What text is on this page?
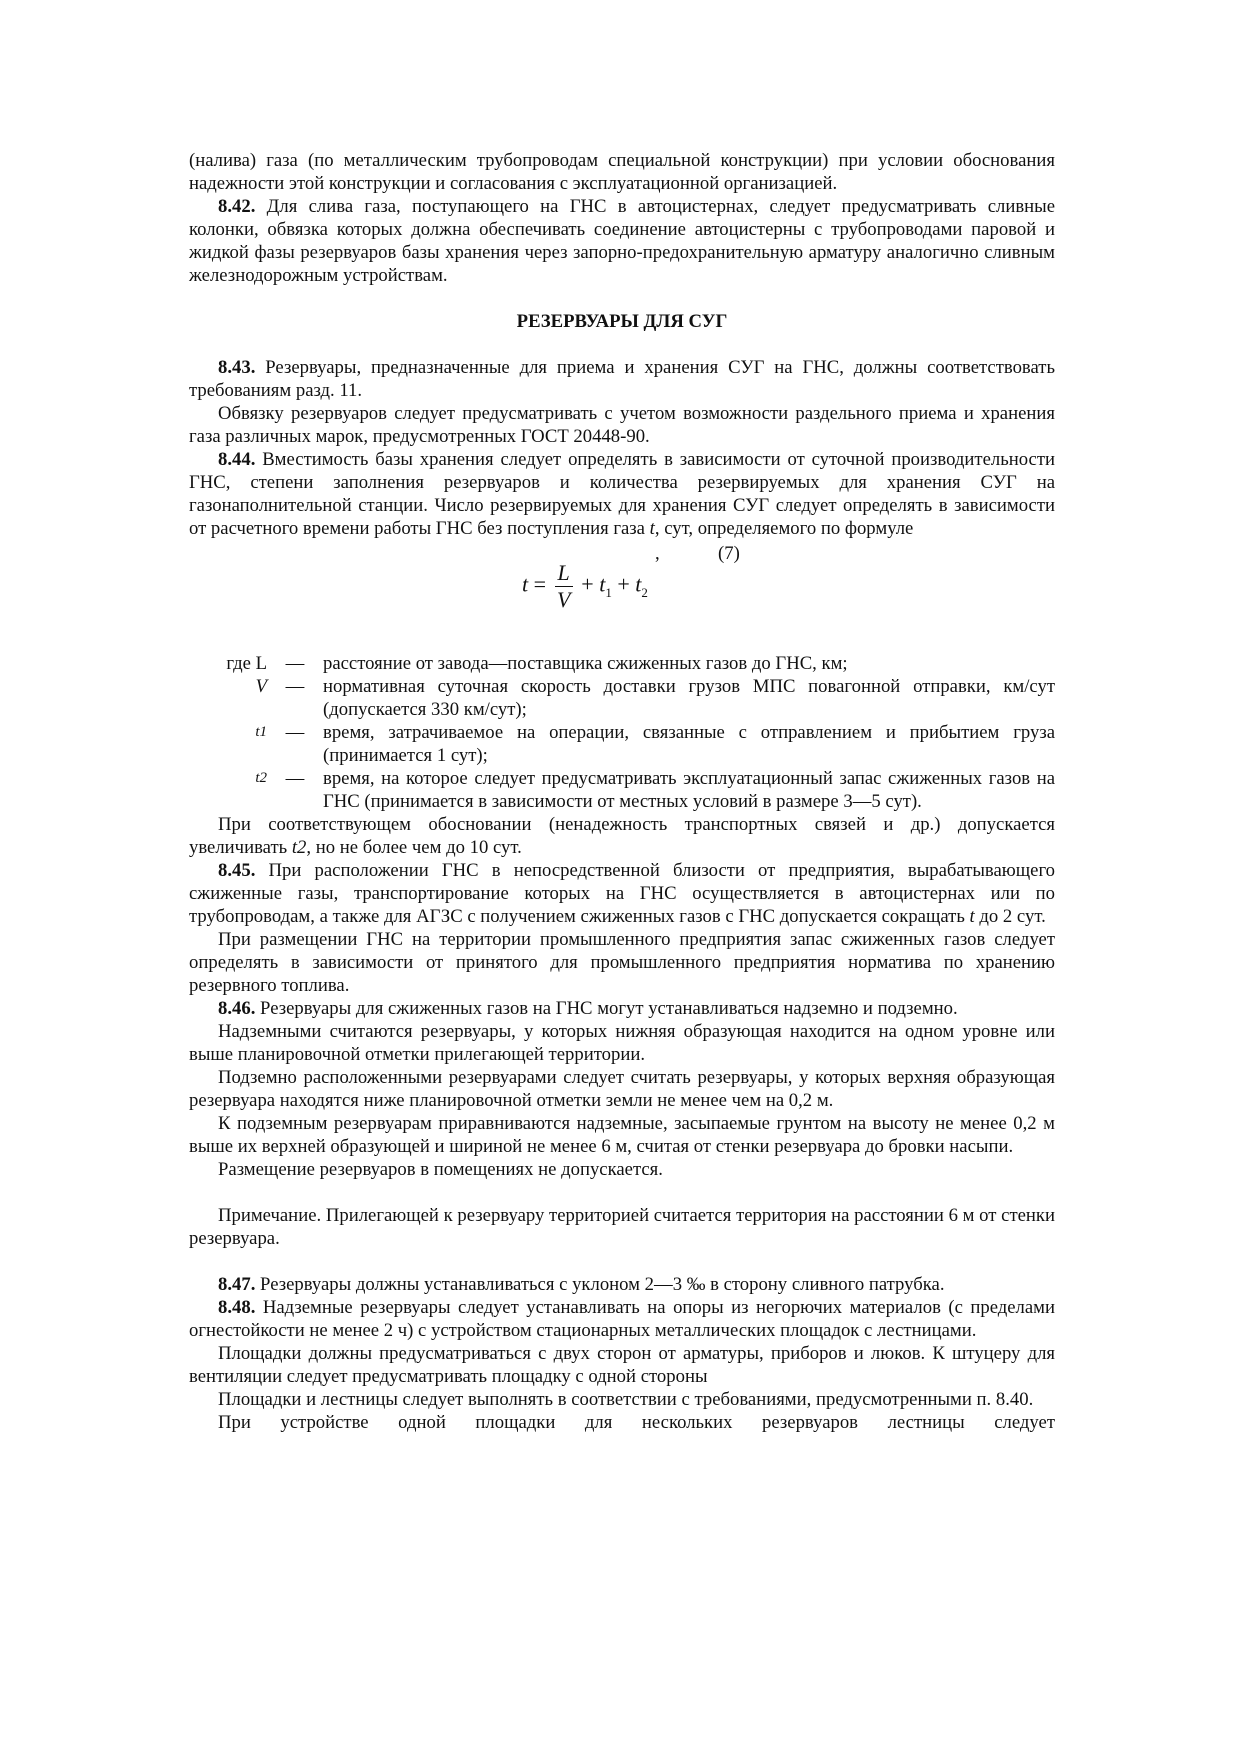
(налива) газа (по металлическим трубопроводам специальной конструкции) при условии обоснования надежности этой конструкции и согласования с эксплуатационной организацией.

8.42. Для слива газа, поступающего на ГНС в автоцистернах, следует предусматривать сливные колонки, обвязка которых должна обеспечивать соединение автоцистерны с трубопроводами паровой и жидкой фазы резервуаров базы хранения через запорно-предохранительную арматуру аналогично сливным железнодорожным устройствам.

РЕЗЕРВУАРЫ ДЛЯ СУГ

8.43. Резервуары, предназначенные для приема и хранения СУГ на ГНС, должны соответствовать требованиям разд. 11.

Обвязку резервуаров следует предусматривать с учетом возможности раздельного приема и хранения газа различных марок, предусмотренных ГОСТ 20448-90.

8.44. Вместимость базы хранения следует определять в зависимости от суточной производительности ГНС, степени заполнения резервуаров и количества резервируемых для хранения СУГ на газонаполнительной станции. Число резервируемых для хранения СУГ следует определять в зависимости от расчетного времени работы ГНС без поступления газа t, сут, определяемого по формуле

,	(7)
$t = \frac{L}{V} + t_1 + t_2$
где L — расстояние от завода—поставщика сжиженных газов до ГНС, км;
V — нормативная суточная скорость доставки грузов МПС повагонной отправки, км/сут (допускается 330 км/сут);
t1 — время, затрачиваемое на операции, связанные с отправлением и прибытием груза (принимается 1 сут);
t2 — время, на которое следует предусматривать эксплуатационный запас сжиженных газов на ГНС (принимается в зависимости от местных условий в размере 3—5 сут).

При соответствующем обосновании (ненадежность транспортных связей и др.) допускается увеличивать t2, но не более чем до 10 сут.

8.45. При расположении ГНС в непосредственной близости от предприятия, вырабатывающего сжиженные газы, транспортирование которых на ГНС осуществляется в автоцистернах или по трубопроводам, а также для АГЗС с получением сжиженных газов с ГНС допускается сокращать t до 2 сут.

При размещении ГНС на территории промышленного предприятия запас сжиженных газов следует определять в зависимости от принятого для промышленного предприятия норматива по хранению резервного топлива.

8.46. Резервуары для сжиженных газов на ГНС могут устанавливаться надземно и подземно.

Надземными считаются резервуары, у которых нижняя образующая находится на одном уровне или выше планировочной отметки прилегающей территории.

Подземно расположенными резервуарами следует считать резервуары, у которых верхняя образующая резервуара находятся ниже планировочной отметки земли не менее чем на 0,2 м.

К подземным резервуарам приравниваются надземные, засыпаемые грунтом на высоту не менее 0,2 м выше их верхней образующей и шириной не менее 6 м, считая от стенки резервуара до бровки насыпи.

Размещение резервуаров в помещениях не допускается.

Примечание. Прилегающей к резервуару территорией считается территория на расстоянии 6 м от стенки резервуара.

8.47. Резервуары должны устанавливаться с уклоном 2—3 ‰ в сторону сливного патрубка.

8.48. Надземные резервуары следует устанавливать на опоры из негорючих материалов (с пределами огнестойкости не менее 2 ч) с устройством стационарных металлических площадок с лестницами.

Площадки должны предусматриваться с двух сторон от арматуры, приборов и люков. К штуцеру для вентиляции следует предусматривать площадку с одной стороны

Площадки и лестницы следует выполнять в соответствии с требованиями, предусмотренными п. 8.40.

При устройстве одной площадки для нескольких резервуаров лестницы следует
